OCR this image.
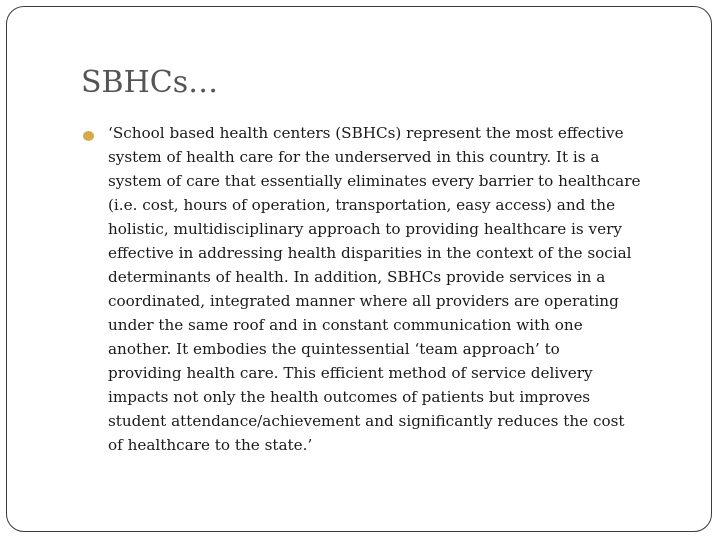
SBHCs…

‘School based health centers (SBHCs) represent the most effective
system of health care for the underserved in this country. It is a
system of care that essentially eliminates every barrier to healthcare
(i.e. cost, hours of operation, transportation, easy access) and the
holistic, multidisciplinary approach to providing healthcare is very
effective in addressing health disparities in the context of the social
determinants of health. In addition, SBHCs provide services in a
coordinated, integrated manner where all providers are operating
under the same roof and in constant communication with one
another. It embodies the quintessential ‘team approach’ to
providing health care. This efficient method of service delivery
impacts not only the health outcomes of patients but improves
student attendance/achievement and significantly reduces the cost
of healthcare to the state.’
